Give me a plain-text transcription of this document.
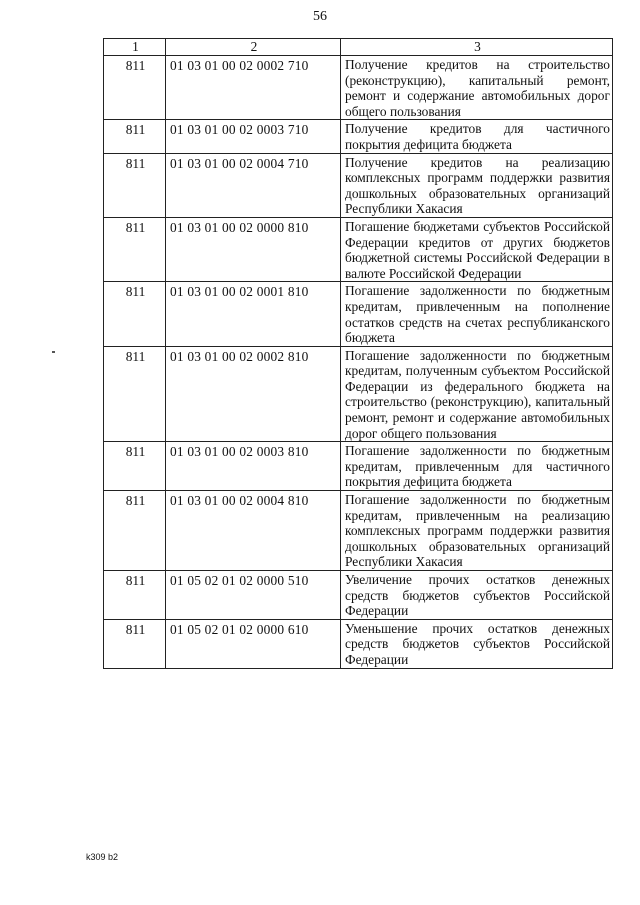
56
1	2	3
811	01 03 01 00 02 0002 710	Получение кредитов на строительство (реконструкцию), капитальный ремонт, ремонт и содержание автомобильных дорог общего пользования
811	01 03 01 00 02 0003 710	Получение кредитов для частичного покрытия дефицита бюджета
811	01 03 01 00 02 0004 710	Получение кредитов на реализацию комплексных программ поддержки развития дошкольных образовательных организаций Республики Хакасия
811	01 03 01 00 02 0000 810	Погашение бюджетами субъектов Российской Федерации кредитов от других бюджетов бюджетной системы Российской Федерации в валюте Российской Федерации
811	01 03 01 00 02 0001 810	Погашение задолженности по бюджетным кредитам, привлеченным на пополнение остатков средств на счетах республиканского бюджета
811	01 03 01 00 02 0002 810	Погашение задолженности по бюджетным кредитам, полученным субъектом Российской Федерации из федерального бюджета на строительство (реконструкцию), капитальный ремонт, ремонт и содержание автомобильных дорог общего пользования
811	01 03 01 00 02 0003 810	Погашение задолженности по бюджетным кредитам, привлеченным для частичного покрытия дефицита бюджета
811	01 03 01 00 02 0004 810	Погашение задолженности по бюджетным кредитам, привлеченным на реализацию комплексных программ поддержки развития дошкольных образовательных организаций Республики Хакасия
811	01 05 02 01 02 0000 510	Увеличение прочих остатков денежных средств бюджетов субъектов Российской Федерации
811	01 05 02 01 02 0000 610	Уменьшение прочих остатков денежных средств бюджетов субъектов Российской Федерации
k309 b2
